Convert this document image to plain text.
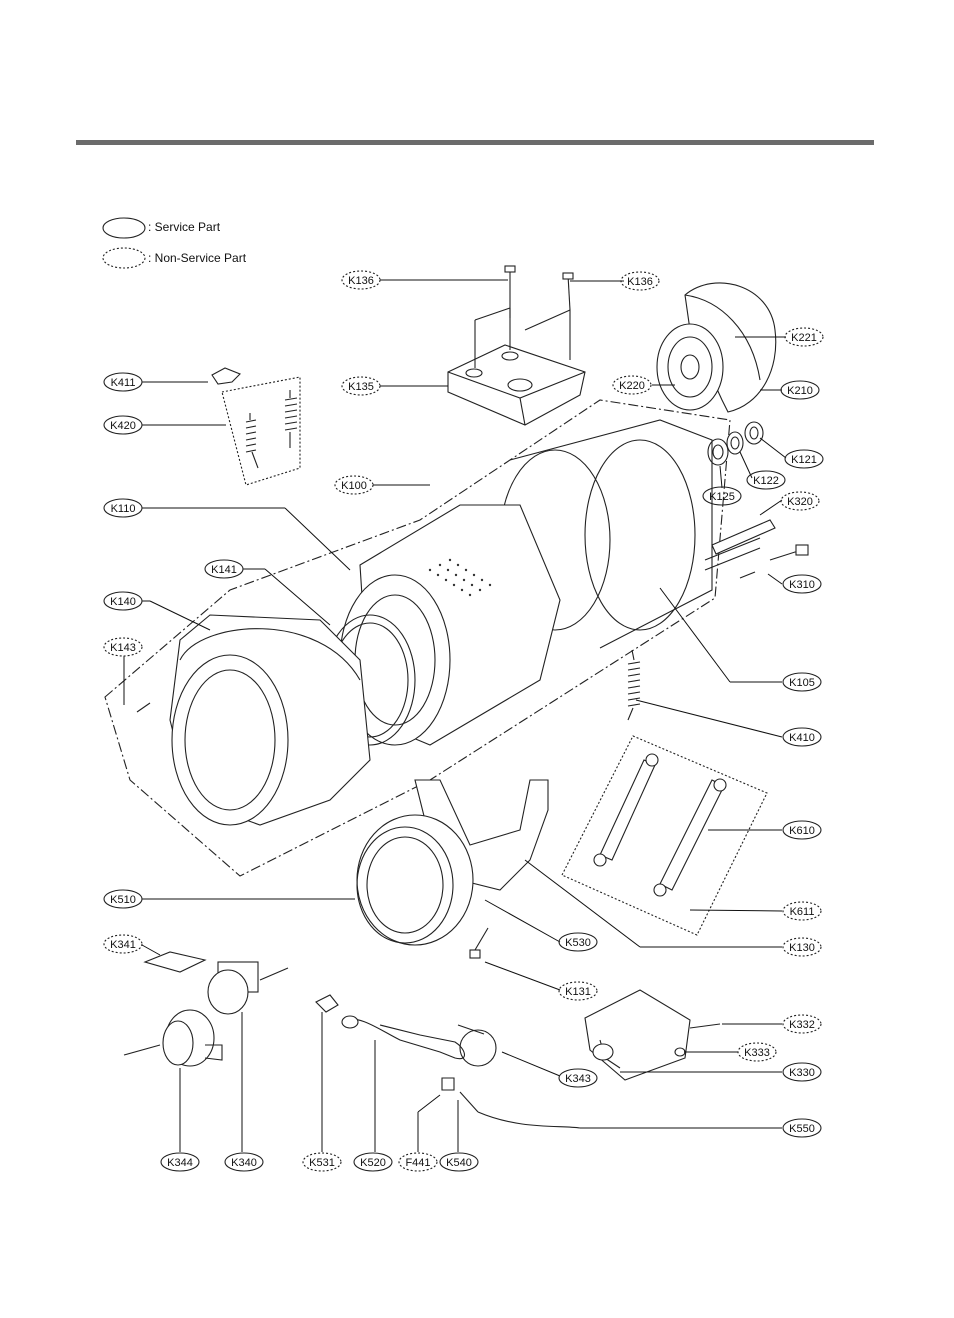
K136	K136
K221
K135
K411	K220	K210
K420
K121
K100	K122
K125
K110
K320
K141
K310
K140
K143
K105
K410
K610
K510
K611
K530	K130
K341
K131
K332
K333
K343	K330
K550
K344	K340	K531 K520 F441 K540
: Service Part
: Non-Service Part
